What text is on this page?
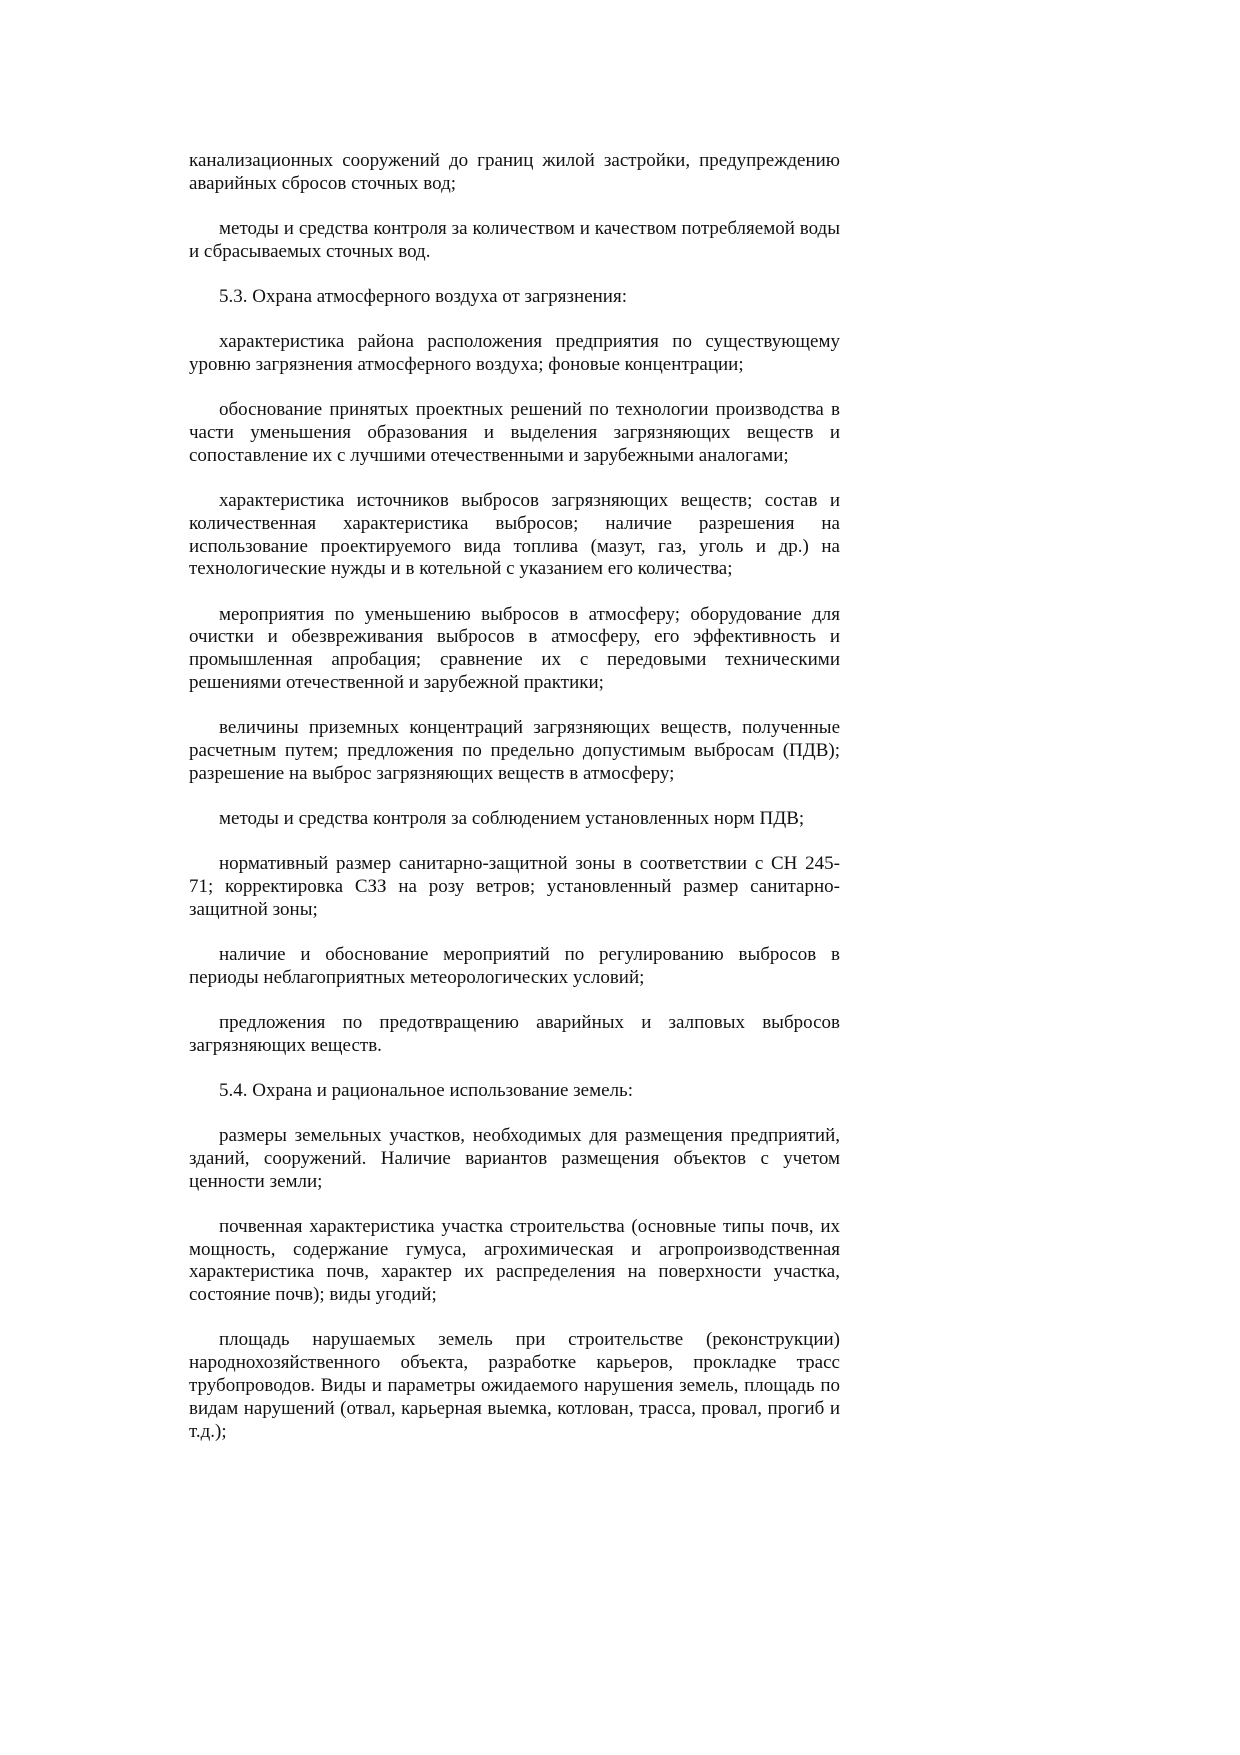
канализационных сооружений до границ жилой застройки, предупреждению аварийных сбросов сточных вод;

методы и средства контроля за количеством и качеством потребляемой воды и сбрасываемых сточных вод.

5.3. Охрана атмосферного воздуха от загрязнения:

характеристика района расположения предприятия по существующему уровню загрязнения атмосферного воздуха; фоновые концентрации;

обоснование принятых проектных решений по технологии производства в части уменьшения образования и выделения загрязняющих веществ и сопоставление их с лучшими отечественными и зарубежными аналогами;

характеристика источников выбросов загрязняющих веществ; состав и количественная характеристика выбросов; наличие разрешения на использование проектируемого вида топлива (мазут, газ, уголь и др.) на технологические нужды и в котельной с указанием его количества;

мероприятия по уменьшению выбросов в атмосферу; оборудование для очистки и обезвреживания выбросов в атмосферу, его эффективность и промышленная апробация; сравнение их с передовыми техническими решениями отечественной и зарубежной практики;

величины приземных концентраций загрязняющих веществ, полученные расчетным путем; предложения по предельно допустимым выбросам (ПДВ); разрешение на выброс загрязняющих веществ в атмосферу;

методы и средства контроля за соблюдением установленных норм ПДВ;

нормативный размер санитарно-защитной зоны в соответствии с СН 245-71; корректировка СЗЗ на розу ветров; установленный размер санитарно-защитной зоны;

наличие и обоснование мероприятий по регулированию выбросов в периоды неблагоприятных метеорологических условий;

предложения по предотвращению аварийных и залповых выбросов загрязняющих веществ.

5.4. Охрана и рациональное использование земель:

размеры земельных участков, необходимых для размещения предприятий, зданий, сооружений. Наличие вариантов размещения объектов с учетом ценности земли;

почвенная характеристика участка строительства (основные типы почв, их мощность, содержание гумуса, агрохимическая и агропроизводственная характеристика почв, характер их распределения на поверхности участка, состояние почв); виды угодий;

площадь нарушаемых земель при строительстве (реконструкции) народнохозяйственного объекта, разработке карьеров, прокладке трасс трубопроводов. Виды и параметры ожидаемого нарушения земель, площадь по видам нарушений (отвал, карьерная выемка, котлован, трасса, провал, прогиб и т.д.);
